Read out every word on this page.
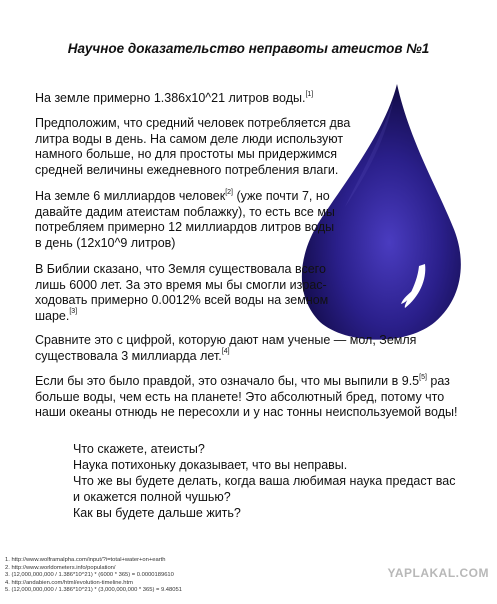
Научное доказательство неправоты атеистов №1

На земле примерно 1.386х10^21 литров воды.[1]

Предположим, что средний человек потребляется два
литра воды в день. На самом деле люди используют
намного больше, но для простоты мы придержимся
средней величины ежедневного потребления влаги.

На земле 6 миллиардов человек[2] (уже почти 7, но
давайте дадим атеистам поблажку), то есть все мы
потребляем примерно 12 миллиардов литров воды
в день (12х10^9 литров)

В Библии сказано, что Земля существовала всего
лишь 6000 лет. За это время мы бы смогли израс-
ходовать примерно 0.0012% всей воды на земном
шаре.[3]

Сравните это с цифрой, которую дают нам ученые — мол, Земля
существовала 3 миллиарда лет.[4]

Если бы это было правдой, это означало бы, что мы выпили в 9.5[5] раз
больше воды, чем есть на планете! Это абсолютный бред, потому что
наши океаны отнюдь не пересохли и у нас тонны неиспользуемой воды!

Что скажете, атеисты?
Наука потихоньку доказывает, что вы неправы.
Что же вы будете делать, когда ваша любимая наука предаст вас
и окажется полной чушью?
Как вы будете дальше жить?

1. http://www.wolframalpha.com/input/?i=total+water+on+earth
2. http://www.worldometers.info/population/
3. (12,000,000,000 / 1.386*10^21) * (6000 * 365) = 0.0000189610
4. http://andabien.com/html/evolution-timeline.htm
5. (12,000,000,000 / 1.386*10^21) * (3,000,000,000 * 365) = 9.48051

YAPLAKAL.COM
